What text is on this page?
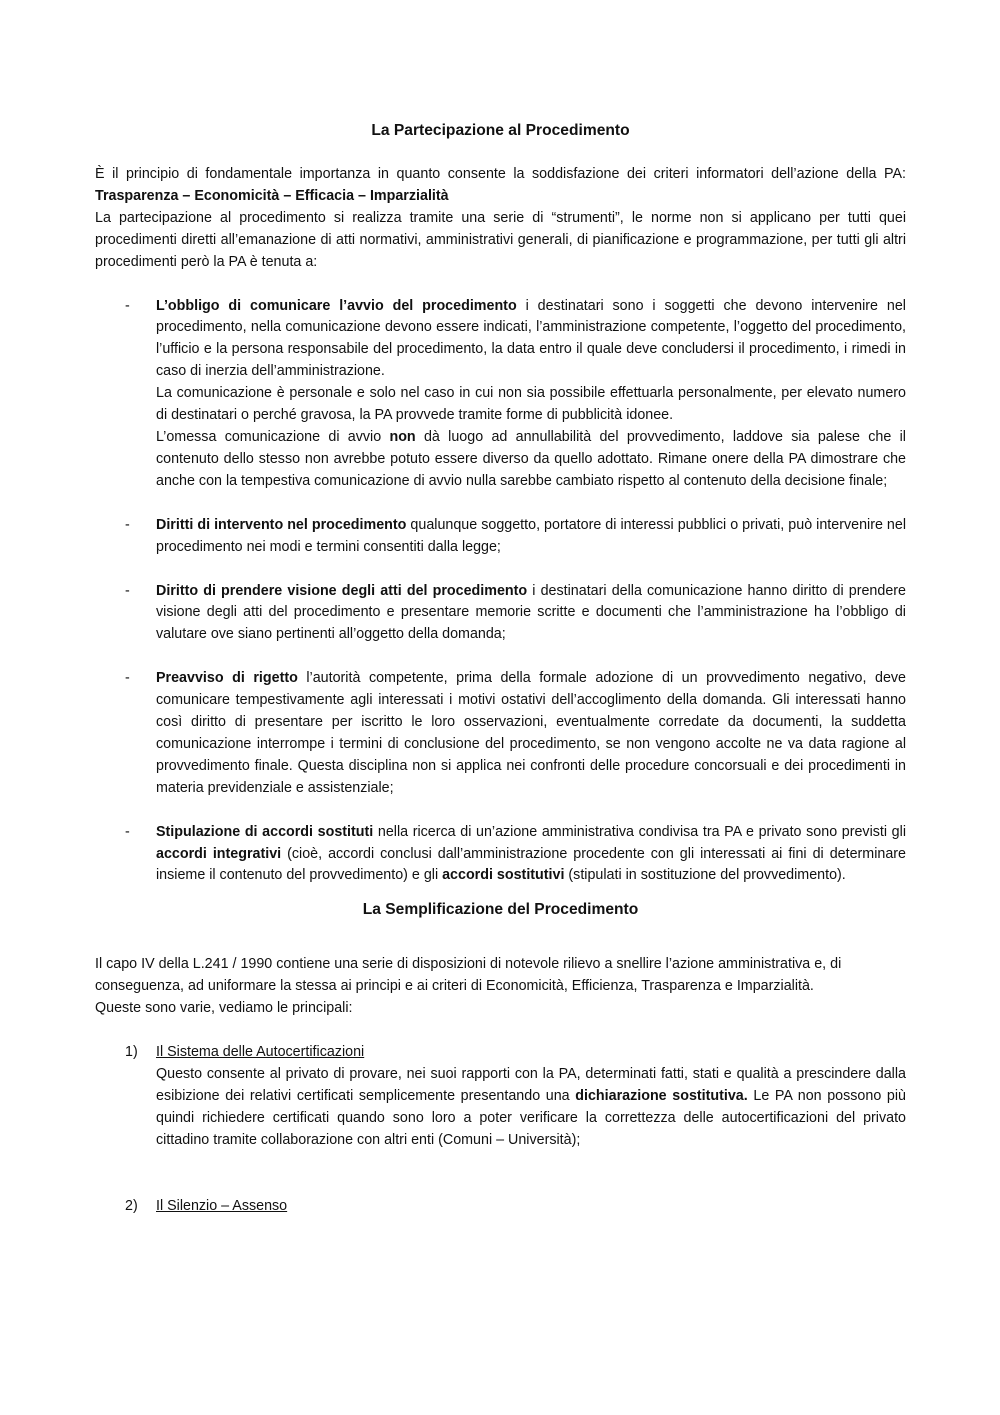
La Partecipazione al Procedimento

È il principio di fondamentale importanza in quanto consente la soddisfazione dei criteri informatori dell’azione della PA: Trasparenza – Economicità – Efficacia – Imparzialità

La partecipazione al procedimento si realizza tramite una serie di “strumenti”, le norme non si applicano per tutti quei procedimenti diretti all’emanazione di atti normativi, amministrativi generali, di pianificazione e programmazione, per tutti gli altri procedimenti però la PA è tenuta a:

- L’obbligo di comunicare l’avvio del procedimento i destinatari sono i soggetti che devono intervenire nel procedimento, nella comunicazione devono essere indicati, l’amministrazione competente, l’oggetto del procedimento, l’ufficio e la persona responsabile del procedimento, la data entro il quale deve concludersi il procedimento, i rimedi in caso di inerzia dell’amministrazione.

La comunicazione è personale e solo nel caso in cui non sia possibile effettuarla personalmente, per elevato numero di destinatari o perché gravosa, la PA provvede tramite forme di pubblicità idonee.

L’omessa comunicazione di avvio non dà luogo ad annullabilità del provvedimento, laddove sia palese che il contenuto dello stesso non avrebbe potuto essere diverso da quello adottato. Rimane onere della PA dimostrare che anche con la tempestiva comunicazione di avvio nulla sarebbe cambiato rispetto al contenuto della decisione finale;

- Diritti di intervento nel procedimento qualunque soggetto, portatore di interessi pubblici o privati, può intervenire nel procedimento nei modi e termini consentiti dalla legge;

- Diritto di prendere visione degli atti del procedimento i destinatari della comunicazione hanno diritto di prendere visione degli atti del procedimento e presentare memorie scritte e documenti che l’amministrazione ha l’obbligo di valutare ove siano pertinenti all’oggetto della domanda;

- Preavviso di rigetto l’autorità competente, prima della formale adozione di un provvedimento negativo, deve comunicare tempestivamente agli interessati i motivi ostativi dell’accoglimento della domanda. Gli interessati hanno così diritto di presentare per iscritto le loro osservazioni, eventualmente corredate da documenti, la suddetta comunicazione interrompe i termini di conclusione del procedimento, se non vengono accolte ne va data ragione al provvedimento finale. Questa disciplina non si applica nei confronti delle procedure concorsuali e dei procedimenti in materia previdenziale e assistenziale;

- Stipulazione di accordi sostituti nella ricerca di un’azione amministrativa condivisa tra PA e privato sono previsti gli accordi integrativi (cioè, accordi conclusi dall’amministrazione procedente con gli interessati ai fini di determinare insieme il contenuto del provvedimento) e gli accordi sostitutivi (stipulati in sostituzione del provvedimento).

La Semplificazione del Procedimento

Il capo IV della L.241 / 1990 contiene una serie di disposizioni di notevole rilievo a snellire l’azione amministrativa e, di conseguenza, ad uniformare la stessa ai principi e ai criteri di Economicità, Efficienza, Trasparenza e Imparzialità.

Queste sono varie, vediamo le principali:

1) Il Sistema delle Autocertificazioni

Questo consente al privato di provare, nei suoi rapporti con la PA, determinati fatti, stati e qualità a prescindere dalla esibizione dei relativi certificati semplicemente presentando una dichiarazione sostitutiva. Le PA non possono più quindi richiedere certificati quando sono loro a poter verificare la correttezza delle autocertificazioni del privato cittadino tramite collaborazione con altri enti (Comuni – Università);

2) Il Silenzio – Assenso
